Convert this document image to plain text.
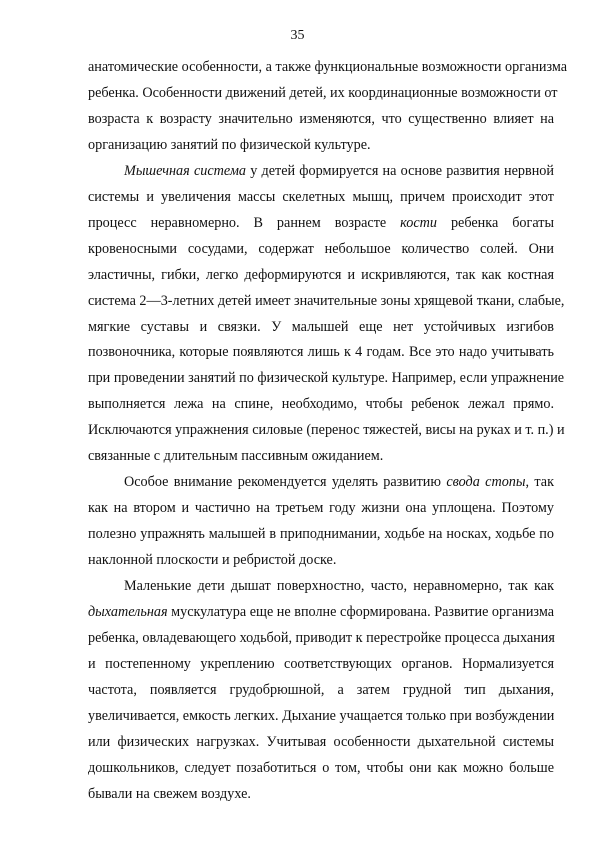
35
анатомические особенности, а также функциональные возможности организма
ребенка. Особенности движений детей, их координационные возможности от
возраста к возрасту значительно изменяются, что существенно влияет на
организацию занятий по физической культуре.
Мышечная система у детей формируется на основе развития нервной
системы и увеличения массы скелетных мышц, причем происходит этот
процесс неравномерно. В раннем возрасте кости ребенка богаты
кровеносными сосудами, содержат небольшое количество солей. Они
эластичны, гибки, легко деформируются и искривляются, так как костная
система 2—3-летних детей имеет значительные зоны хрящевой ткани, слабые,
мягкие суставы и связки. У малышей еще нет устойчивых изгибов
позвоночника, которые появляются лишь к 4 годам. Все это надо учитывать
при проведении занятий по физической культуре. Например, если упражнение
выполняется лежа на спине, необходимо, чтобы ребенок лежал прямо.
Исключаются упражнения силовые (перенос тяжестей, висы на руках и т. п.) и
связанные с длительным пассивным ожиданием.
Особое внимание рекомендуется уделять развитию свода стопы, так
как на втором и частично на третьем году жизни она уплощена. Поэтому
полезно упражнять малышей в приподнимании, ходьбе на носках, ходьбе по
наклонной плоскости и ребристой доске.
Маленькие дети дышат поверхностно, часто, неравномерно, так как
дыхательная мускулатура еще не вполне сформирована. Развитие организма
ребенка, овладевающего ходьбой, приводит к перестройке процесса дыхания
и постепенному укреплению соответствующих органов. Нормализуется
частота, появляется грудобрюшной, а затем грудной тип дыхания,
увеличивается, емкость легких. Дыхание учащается только при возбуждении
или физических нагрузках. Учитывая особенности дыхательной системы
дошкольников, следует позаботиться о том, чтобы они как можно больше
бывали на свежем воздухе.
